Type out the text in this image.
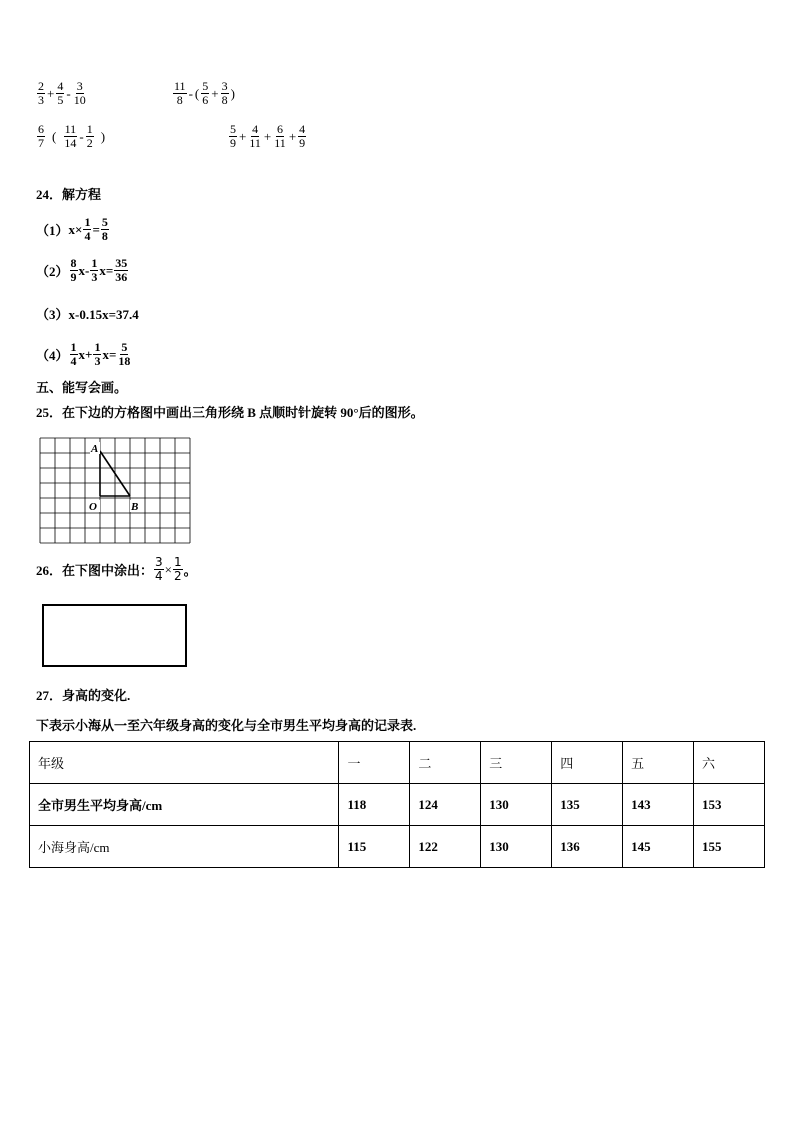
$\frac{2}{3} + \frac{4}{5} - \frac{3}{10}$	$\frac{11}{8}$ - ( $\frac{5}{6} + \frac{3}{8}$ )
$\frac{6}{7}$ ( $\frac{11}{14} - \frac{1}{2}$ )	$\frac{5}{9} + \frac{4}{11} + \frac{6}{11} + \frac{4}{9}$
24．解方程
（1） $x\times \frac{1}{4} = \frac{5}{8}$
$(2) \frac{8}{9} x- \frac{1}{3} x= \frac{35}{36}$
（3）x-0.15x=37.4
$(4) \frac{1}{4} x+ \frac{1}{3} x= \frac{5}{18}$
五、能写会画。
25．在下边的方格图中画出三角形绕 B 点顺时针旋转 90°后的图形。
A
O	B
26．在下图中涂出： $\frac{3}{4} \times \frac{1}{2}$ 。
27．身高的变化.
下表示小海从一至六年级身高的变化与全市男生平均身高的记录表.
年级	一	二	三	四	五	六
全市男生平均身高/cm	118	124	130	135	143	153
小海身高/cm	115	122	130	136	145	155
